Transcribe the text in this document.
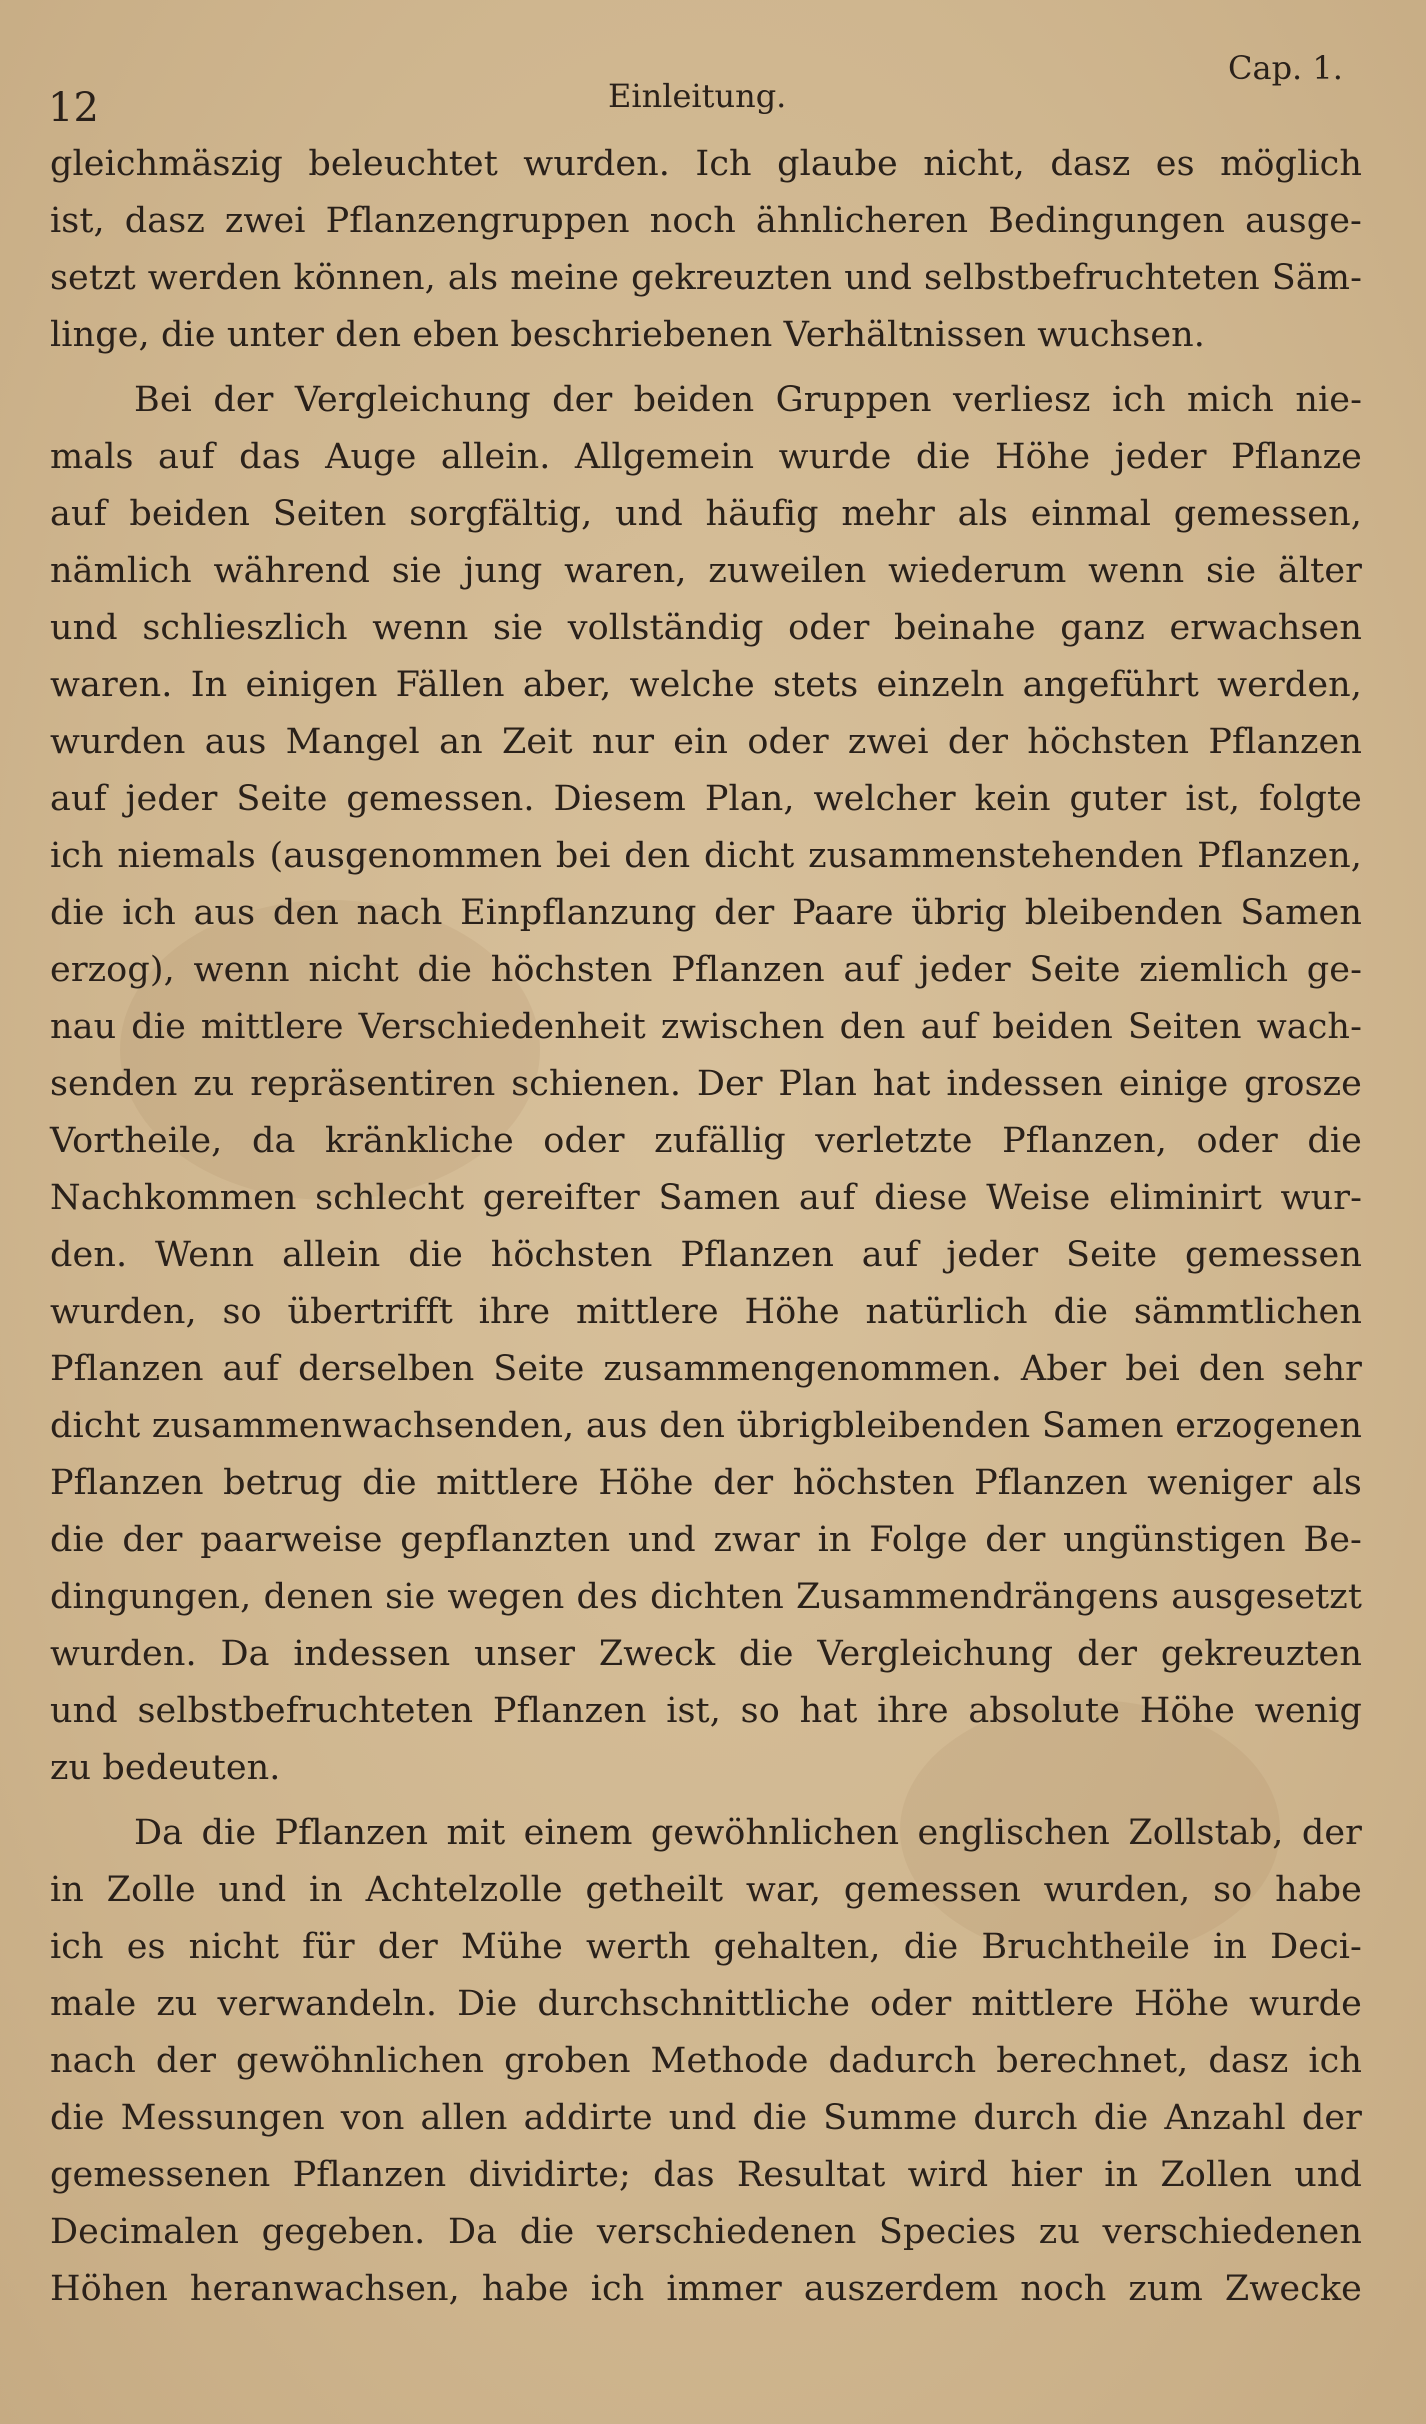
12	Einleitung.
Cap. 1.
gleichmäszig beleuchtet wurden. Ich glaube nicht, dasz es möglich
ist, dasz zwei Pflanzengruppen noch ähnlicheren Bedingungen ausge-
setzt werden können, als meine gekreuzten und selbstbefruchteten Säm-
linge, die unter den eben beschriebenen Verhältnissen wuchsen.
Bei der Vergleichung der beiden Gruppen verliesz ich mich nie-
mals auf das Auge allein. Allgemein wurde die Höhe jeder Pflanze
auf beiden Seiten sorgfältig, und häufig mehr als einmal gemessen,
nämlich während sie jung waren, zuweilen wiederum wenn sie älter
und schlieszlich wenn sie vollständig oder beinahe ganz erwachsen
waren. In einigen Fällen aber, welche stets einzeln angeführt werden,
wurden aus Mangel an Zeit nur ein oder zwei der höchsten Pflanzen
auf jeder Seite gemessen. Diesem Plan, welcher kein guter ist, folgte
ich niemals (ausgenommen bei den dicht zusammenstehenden Pflanzen,
die ich aus den nach Einpflanzung der Paare übrig bleibenden Samen
erzog), wenn nicht die höchsten Pflanzen auf jeder Seite ziemlich ge-
nau die mittlere Verschiedenheit zwischen den auf beiden Seiten wach-
senden zu repräsentiren schienen. Der Plan hat indessen einige grosze
Vortheile, da kränkliche oder zufällig verletzte Pflanzen, oder die
Nachkommen schlecht gereifter Samen auf diese Weise eliminirt wur-
den. Wenn allein die höchsten Pflanzen auf jeder Seite gemessen
wurden, so übertrifft ihre mittlere Höhe natürlich die sämmtlichen
Pflanzen auf derselben Seite zusammengenommen. Aber bei den sehr
dicht zusammenwachsenden, aus den übrigbleibenden Samen erzogenen
Pflanzen betrug die mittlere Höhe der höchsten Pflanzen weniger als
die der paarweise gepflanzten und zwar in Folge der ungünstigen Be-
dingungen, denen sie wegen des dichten Zusammendrängens ausgesetzt
wurden. Da indessen unser Zweck die Vergleichung der gekreuzten
und selbstbefruchteten Pflanzen ist, so hat ihre absolute Höhe wenig
zu bedeuten.
Da die Pflanzen mit einem gewöhnlichen englischen Zollstab, der
in Zolle und in Achtelzolle getheilt war, gemessen wurden, so habe
ich es nicht für der Mühe werth gehalten, die Bruchtheile in Deci-
male zu verwandeln. Die durchschnittliche oder mittlere Höhe wurde
nach der gewöhnlichen groben Methode dadurch berechnet, dasz ich
die Messungen von allen addirte und die Summe durch die Anzahl der
gemessenen Pflanzen dividirte; das Resultat wird hier in Zollen und
Decimalen gegeben. Da die verschiedenen Species zu verschiedenen
Höhen heranwachsen, habe ich immer auszerdem noch zum Zwecke
